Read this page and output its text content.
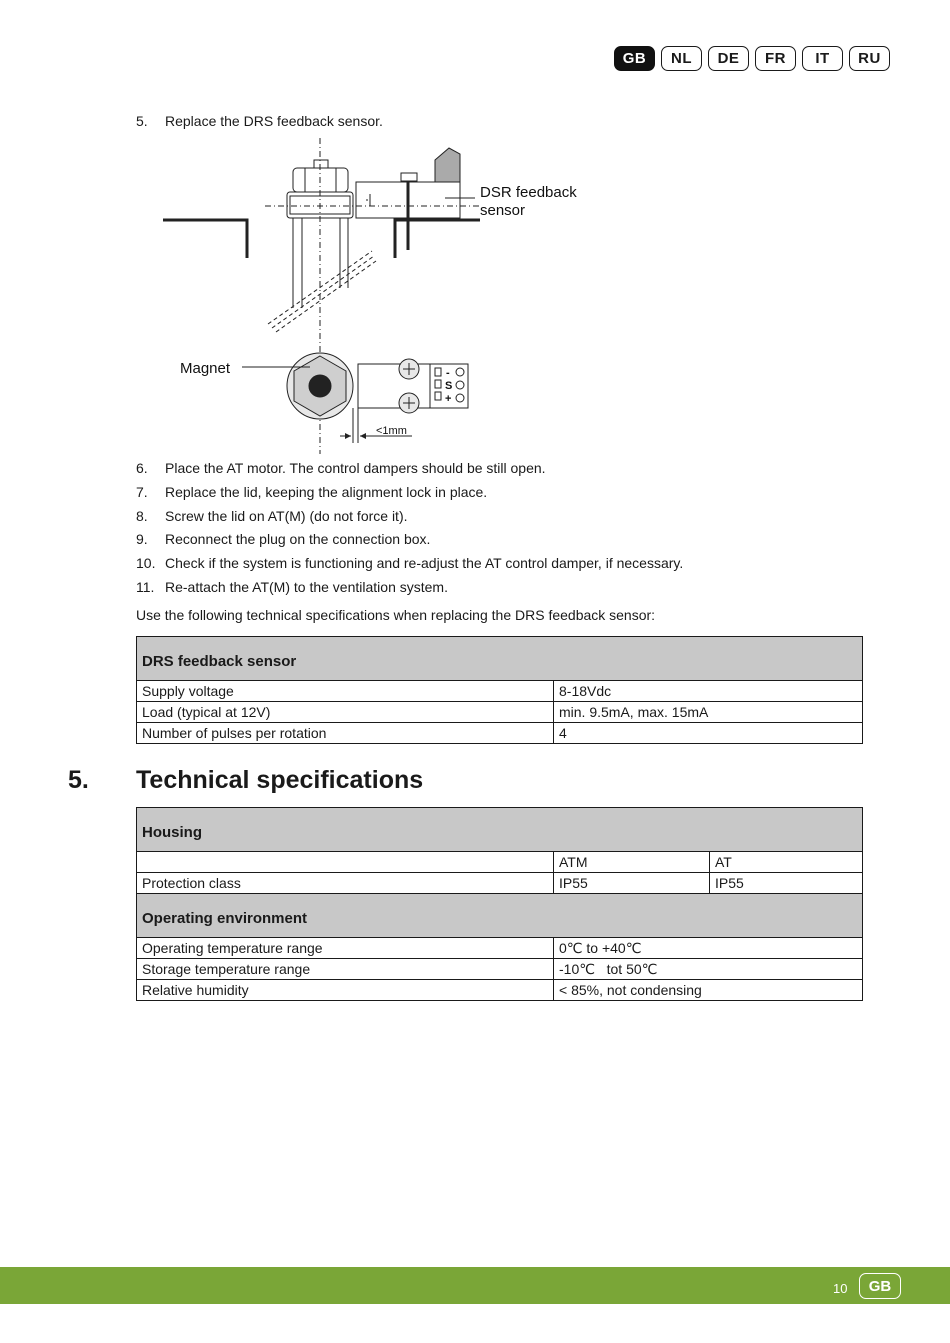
GB	NL	DE	FR	IT	RU
5. Replace the DRS feedback sensor.
DSR feedback
sensor
Magnet
<1mm
-
S
+
6. Place the AT motor. The control dampers should be still open.
7. Replace the lid, keeping the alignment lock in place.
8. Screw the lid on AT(M) (do not force it).
9. Reconnect the plug on the connection box.
10. Check if the system is functioning and re-adjust the AT control damper, if necessary.
11. Re-attach the AT(M) to the ventilation system.
Use the following technical specifications when replacing the DRS feedback sensor:
DRS feedback sensor	
Supply voltage	8-18Vdc
Load (typical at 12V)	min. 9.5mA, max. 15mA
Number of pulses per rotation	4
5. Technical specifications
Housing		
	ATM	AT
Protection class	IP55	IP55
Operating environment		
Operating temperature range	0℃ to +40℃	
Storage temperature range	-10℃   tot 50℃	
Relative humidity	< 85%, not condensing	
10	GB
